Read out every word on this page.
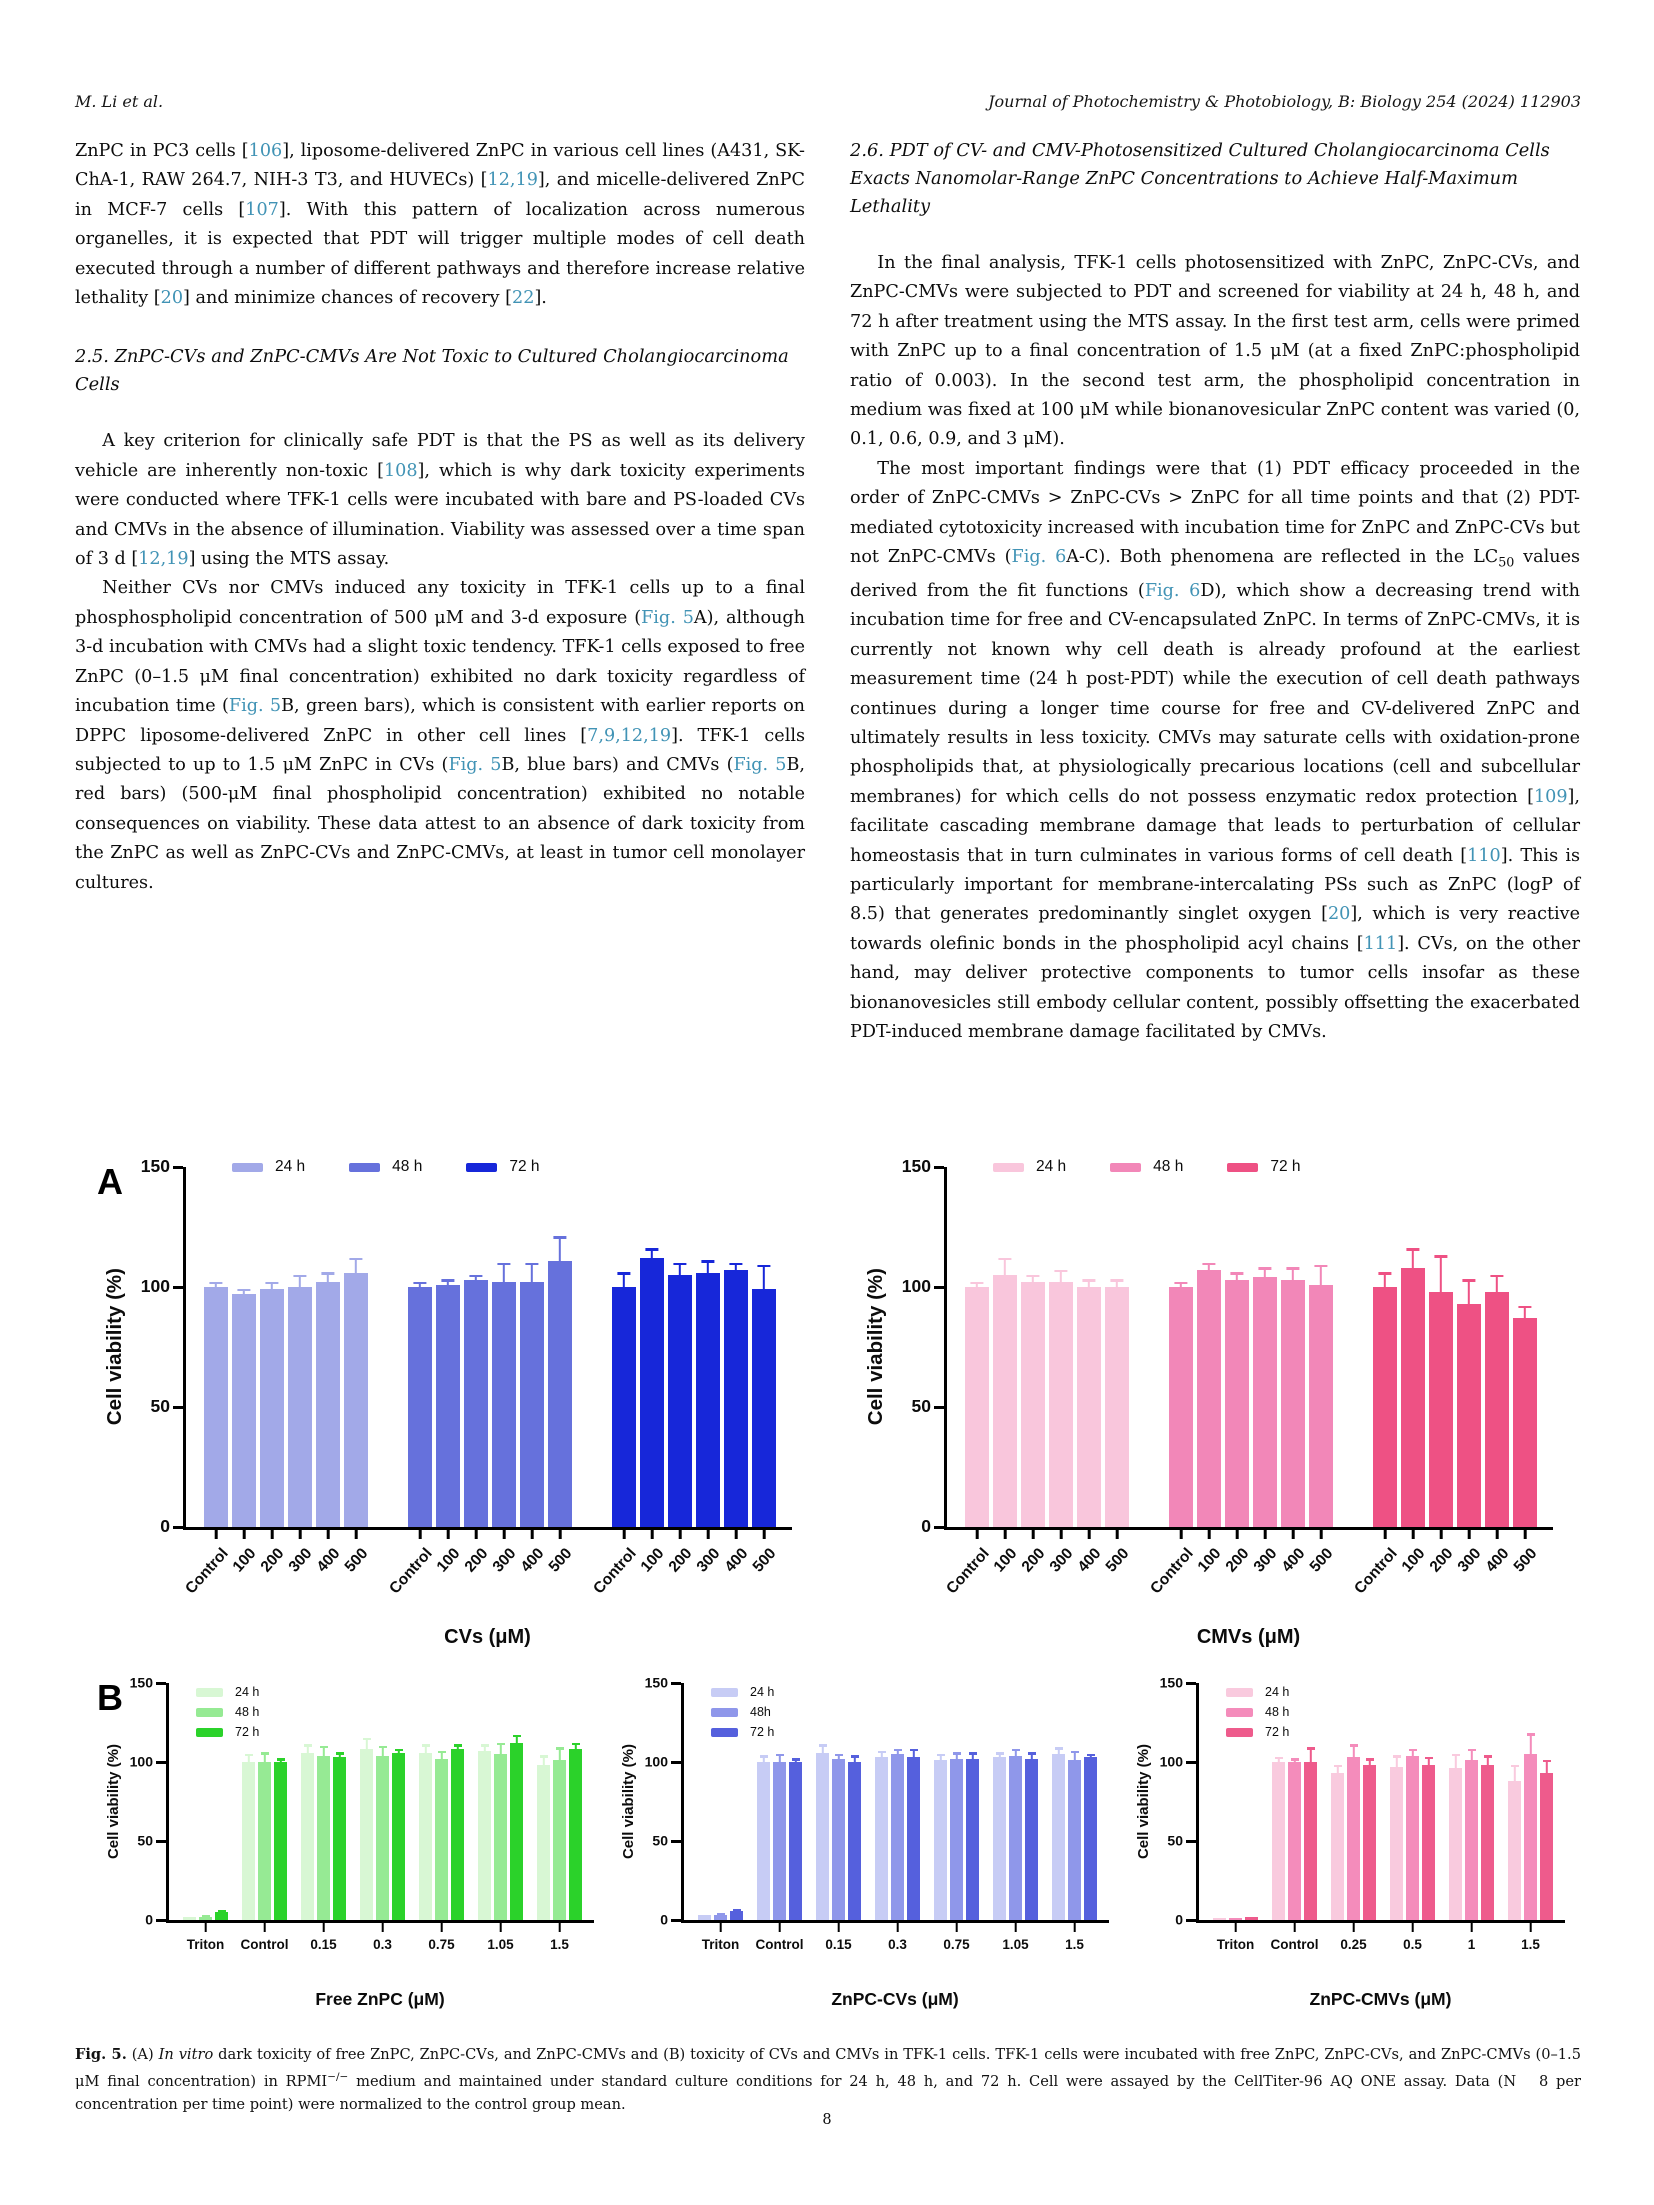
M. Li et al.	Journal of Photochemistry & Photobiology, B: Biology 254 (2024) 112903

ZnPC in PC3 cells [106], liposome-delivered ZnPC in various cell lines (A431, SK-ChA-1, RAW 264.7, NIH-3 T3, and HUVECs) [12,19], and micelle-delivered ZnPC in MCF-7 cells [107]. With this pattern of localization across numerous organelles, it is expected that PDT will trigger multiple modes of cell death executed through a number of different pathways and therefore increase relative lethality [20] and minimize chances of recovery [22].

2.5. ZnPC-CVs and ZnPC-CMVs Are Not Toxic to Cultured Cholangiocarcinoma Cells

A key criterion for clinically safe PDT is that the PS as well as its delivery vehicle are inherently non-toxic [108], which is why dark toxicity experiments were conducted where TFK-1 cells were incubated with bare and PS-loaded CVs and CMVs in the absence of illumination. Viability was assessed over a time span of 3 d [12,19] using the MTS assay.

Neither CVs nor CMVs induced any toxicity in TFK-1 cells up to a final phosphospholipid concentration of 500 μM and 3-d exposure (Fig. 5A), although 3-d incubation with CMVs had a slight toxic tendency. TFK-1 cells exposed to free ZnPC (0–1.5 μM final concentration) exhibited no dark toxicity regardless of incubation time (Fig. 5B, green bars), which is consistent with earlier reports on DPPC liposome-delivered ZnPC in other cell lines [7,9,12,19]. TFK-1 cells subjected to up to 1.5 μM ZnPC in CVs (Fig. 5B, blue bars) and CMVs (Fig. 5B, red bars) (500-μM final phospholipid concentration) exhibited no notable consequences on viability. These data attest to an absence of dark toxicity from the ZnPC as well as ZnPC-CVs and ZnPC-CMVs, at least in tumor cell monolayer cultures.

2.6. PDT of CV- and CMV-Photosensitized Cultured Cholangiocarcinoma Cells Exacts Nanomolar-Range ZnPC Concentrations to Achieve Half-Maximum Lethality

In the final analysis, TFK-1 cells photosensitized with ZnPC, ZnPC-CVs, and ZnPC-CMVs were subjected to PDT and screened for viability at 24 h, 48 h, and 72 h after treatment using the MTS assay. In the first test arm, cells were primed with ZnPC up to a final concentration of 1.5 μM (at a fixed ZnPC:phospholipid ratio of 0.003). In the second test arm, the phospholipid concentration in medium was fixed at 100 μM while bionanovesicular ZnPC content was varied (0, 0.1, 0.6, 0.9, and 3 μM).

The most important findings were that (1) PDT efficacy proceeded in the order of ZnPC-CMVs > ZnPC-CVs > ZnPC for all time points and that (2) PDT-mediated cytotoxicity increased with incubation time for ZnPC and ZnPC-CVs but not ZnPC-CMVs (Fig. 6A-C). Both phenomena are reflected in the $LC_{50}$ values derived from the fit functions (Fig. 6D), which show a decreasing trend with incubation time for free and CV-encapsulated ZnPC. In terms of ZnPC-CMVs, it is currently not known why cell death is already profound at the earliest measurement time (24 h post-PDT) while the execution of cell death pathways continues during a longer time course for free and CV-delivered ZnPC and ultimately results in less toxicity. CMVs may saturate cells with oxidation-prone phospholipids that, at physiologically precarious locations (cell and subcellular membranes) for which cells do not possess enzymatic redox protection [109], facilitate cascading membrane damage that leads to perturbation of cellular homeostasis that in turn culminates in various forms of cell death [110]. This is particularly important for membrane-intercalating PSs such as ZnPC (logP of 8.5) that generates predominantly singlet oxygen [20], which is very reactive towards olefinic bonds in the phospholipid acyl chains [111]. CVs, on the other hand, may deliver protective components to tumor cells insofar as these bionanovesicles still embody cellular content, possibly offsetting the exacerbated PDT-induced membrane damage facilitated by CMVs.

A
Cell viability (%)
0
50
100
150	24 h	48 h	72 h
Control
100
200
300
400
500 Control
100
200
300
400
500 Control
100
200
300
400
500
CVs (μM)
Cell viability (%)
0
50
100
150	24 h	48 h	72 h
Control
100
200
300
400
500 Control
100
200
300
400
500 Control
100
200
300
400
500
CMVs (μM)
B
Cell viability (%)
0
50
100
150
24 h
48 h
72 h
Triton Control 0.15	0.3	0.75 1.05	1.5
Free ZnPC (μM)
Cell viability (%)
0
50
100
150
24 h
48h
72 h
Triton Control 0.15	0.3	0.75 1.05	1.5
ZnPC-CVs (μM)
Cell viability (%)
0
50
100
150
24 h
48 h
72 h
Triton Control 0.25	0.5	1	1.5
ZnPC-CMVs (μM)
Fig. 5. (A) In vitro dark toxicity of free ZnPC, ZnPC-CVs, and ZnPC-CMVs and (B) toxicity of CVs and CMVs in TFK-1 cells. TFK-1 cells were incubated with free ZnPC, ZnPC-CVs, and ZnPC-CMVs (0–1.5 μM final concentration) in RPMI−/− medium and maintained under standard culture conditions for 24 h, 48 h, and 72 h. Cell were assayed by the CellTiter-96 AQ ONE assay. Data (N   8 per concentration per time point) were normalized to the control group mean.
8
